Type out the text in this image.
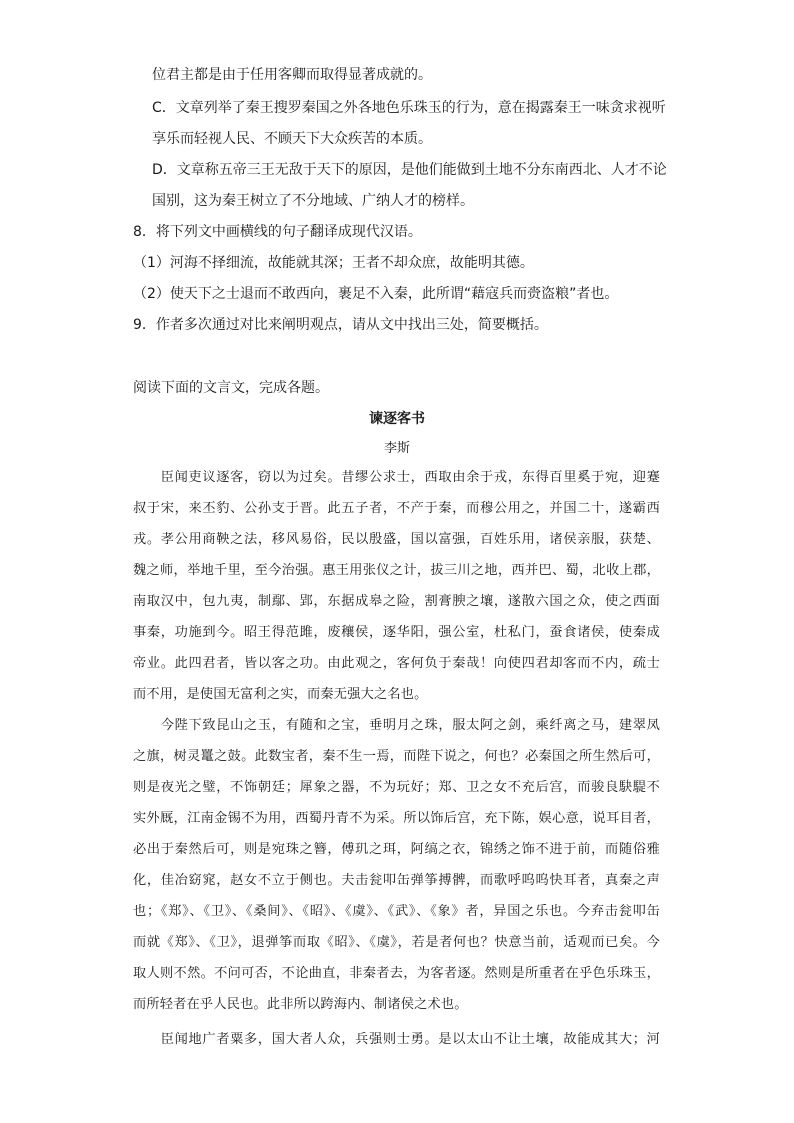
位君主都是由于任用客卿而取得显著成就的。
C．文章列举了秦王搜罗秦国之外各地色乐珠玉的行为，意在揭露秦王一味贪求视听
享乐而轻视人民、不顾天下大众疾苦的本质。
D．文章称五帝三王无敌于天下的原因，是他们能做到土地不分东南西北、人才不论
国别，这为秦王树立了不分地域、广纳人才的榜样。
8．将下列文中画横线的句子翻译成现代汉语。
（1）河海不择细流，故能就其深；王者不却众庶，故能明其德。
（2）使天下之士退而不敢西向，裹足不入秦，此所谓“藉寇兵而赍盗粮”者也。
9．作者多次通过对比来阐明观点，请从文中找出三处，简要概括。
阅读下面的文言文，完成各题。
谏逐客书
李斯
　　臣闻吏议逐客，窃以为过矣。昔缪公求士，西取由余于戎，东得百里奚于宛，迎蹇
叔于宋，来丕豹、公孙支于晋。此五子者，不产于秦，而穆公用之，并国二十，遂霸西
戎。孝公用商鞅之法，移风易俗，民以殷盛，国以富强，百姓乐用，诸侯亲服，获楚、
魏之师，举地千里，至今治强。惠王用张仪之计，拔三川之地，西并巴、蜀，北收上郡，
南取汉中，包九夷，制鄢、郢，东据成皋之险，割膏腴之壤，遂散六国之众，使之西面
事秦，功施到今。昭王得范雎，废穰侯，逐华阳，强公室，杜私门，蚕食诸侯，使秦成
帝业。此四君者，皆以客之功。由此观之，客何负于秦哉！向使四君却客而不内，疏士
而不用，是使国无富利之实，而秦无强大之名也。
　　今陛下致昆山之玉，有随和之宝，垂明月之珠，服太阿之剑，乘纤离之马，建翠凤
之旗，树灵鼍之鼓。此数宝者，秦不生一焉，而陛下说之，何也？必秦国之所生然后可，
则是夜光之璧，不饰朝廷；犀象之器，不为玩好；郑、卫之女不充后宫，而骏良駃騠不
实外厩，江南金锡不为用，西蜀丹青不为采。所以饰后宫，充下陈，娱心意，说耳目者，
必出于秦然后可，则是宛珠之簪，傅玑之珥，阿缟之衣，锦绣之饰不进于前，而随俗雅
化，佳冶窈窕，赵女不立于侧也。夫击瓮叩缶弹筝搏髀，而歌呼呜呜快耳者，真秦之声
也；《郑》、《卫》、《桑间》、《昭》、《虞》、《武》、《象》者，异国之乐也。今弃击瓮叩缶
而就《郑》、《卫》，退弹筝而取《昭》、《虞》，若是者何也？快意当前，适观而已矣。今
取人则不然。不问可否，不论曲直，非秦者去，为客者逐。然则是所重者在乎色乐珠玉，
而所轻者在乎人民也。此非所以跨海内、制诸侯之术也。
　　臣闻地广者粟多，国大者人众，兵强则士勇。是以太山不让土壤，故能成其大；河
